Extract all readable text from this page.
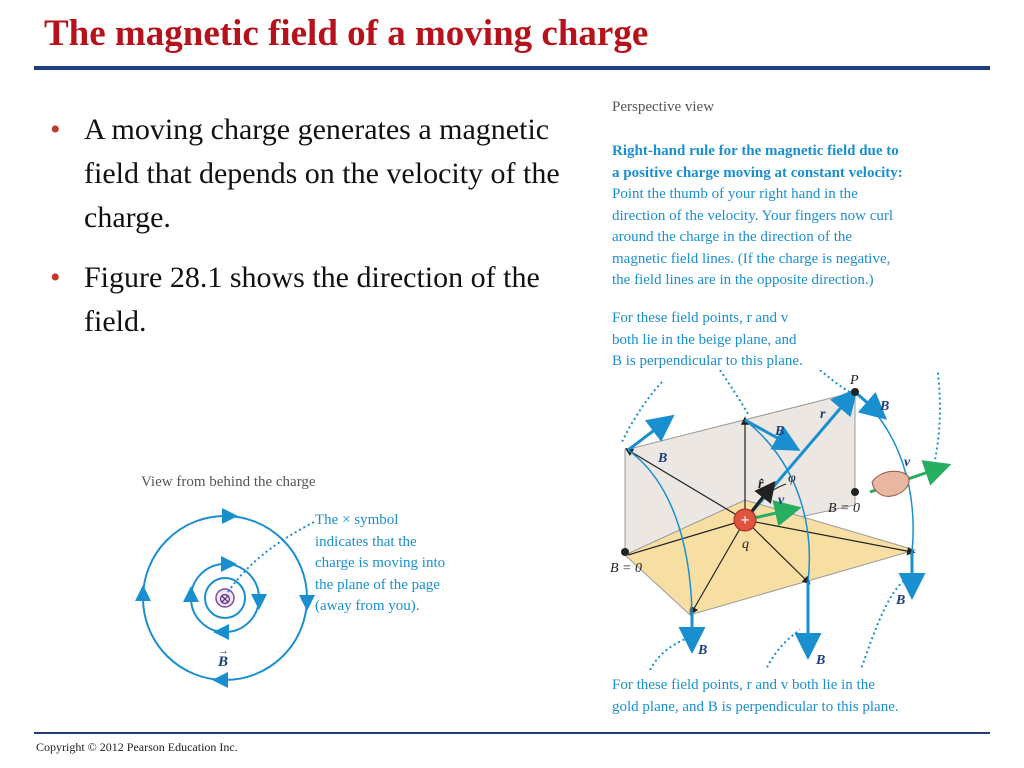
The magnetic field of a moving charge
• A moving charge generates a magnetic field that depends on the velocity of the charge.
• Figure 28.1 shows the direction of the field.
View from behind the charge
The × symbol
indicates that the
charge is moving into
the plane of the page
(away from you).
⊗
B
→
Perspective view
Right-hand rule for the magnetic field due to
a positive charge moving at constant velocity:
Point the thumb of your right hand in the
direction of the velocity. Your fingers now curl
around the charge in the direction of the
magnetic field lines. (If the charge is negative,
the field lines are in the opposite direction.)
For these field points, r and v
both lie in the beige plane, and
B is perpendicular to this plane.
For these field points, r and v both lie in the
gold plane, and B is perpendicular to this plane.
+
P
q
B = 0
B = 0
r
r̂
v
v
φ
B
B
B
B
B
B
Copyright © 2012 Pearson Education Inc.
